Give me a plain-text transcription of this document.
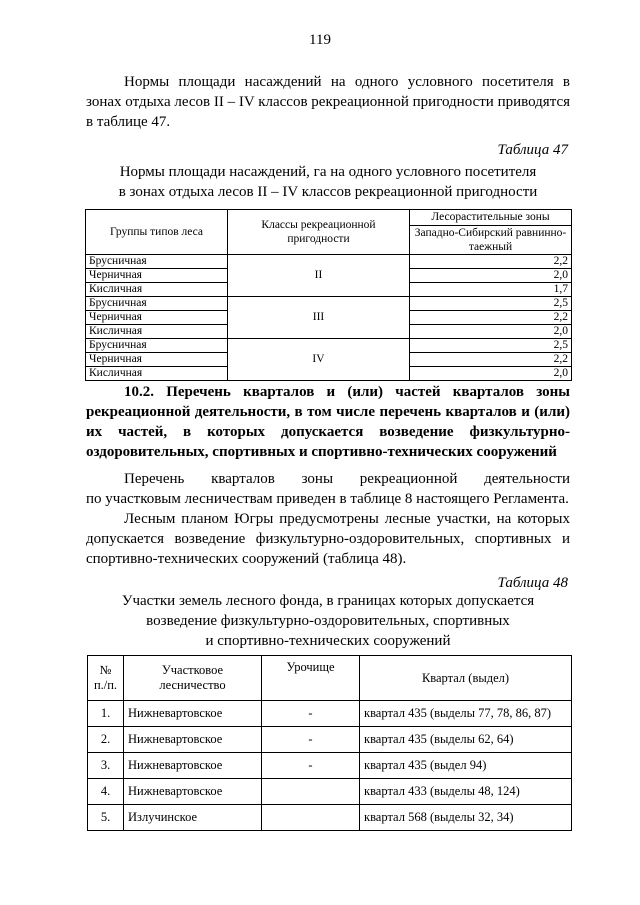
119
Нормы площади насаждений на одного условного посетителя в зонах отдыха лесов II – IV классов рекреационной пригодности приводятся в таблице 47.
Таблица 47
Нормы площади насаждений, га на одного условного посетителя
в зонах отдыха лесов II – IV классов рекреационной пригодности
Группы типов леса	Классы рекреационной пригодности	Лесорастительные зоны
		Западно-Сибирский равнинно-таежный
Брусничная	II	2,2
Черничная		2,0
Кисличная		1,7
Брусничная	III	2,5
Черничная		2,2
Кисличная		2,0
Брусничная	IV	2,5
Черничная		2,2
Кисличная		2,0
10.2. Перечень кварталов и (или) частей кварталов зоны
рекреационной деятельности, в том числе перечень кварталов и (или)
их частей, в которых допускается возведение физкультурно-
оздоровительных, спортивных и спортивно-технических сооружений
Перечень кварталов зоны рекреационной деятельности
по участковым лесничествам приведен в таблице 8 настоящего Регламента.
Лесным планом Югры предусмотрены лесные участки, на которых допускается возведение физкультурно-оздоровительных, спортивных и спортивно-технических сооружений (таблица 48).
Таблица 48
Участки земель лесного фонда, в границах которых допускается
возведение физкультурно-оздоровительных, спортивных
и спортивно-технических сооружений
№ п./п.	Участковое лесничество	Урочище	Квартал (выдел)
1.	Нижневартовское	-	квартал 435 (выделы 77, 78, 86, 87)
2.	Нижневартовское	-	квартал 435 (выделы 62, 64)
3.	Нижневартовское	-	квартал 435 (выдел 94)
4.	Нижневартовское		квартал 433 (выделы 48, 124)
5.	Излучинское		квартал 568 (выделы 32, 34)
